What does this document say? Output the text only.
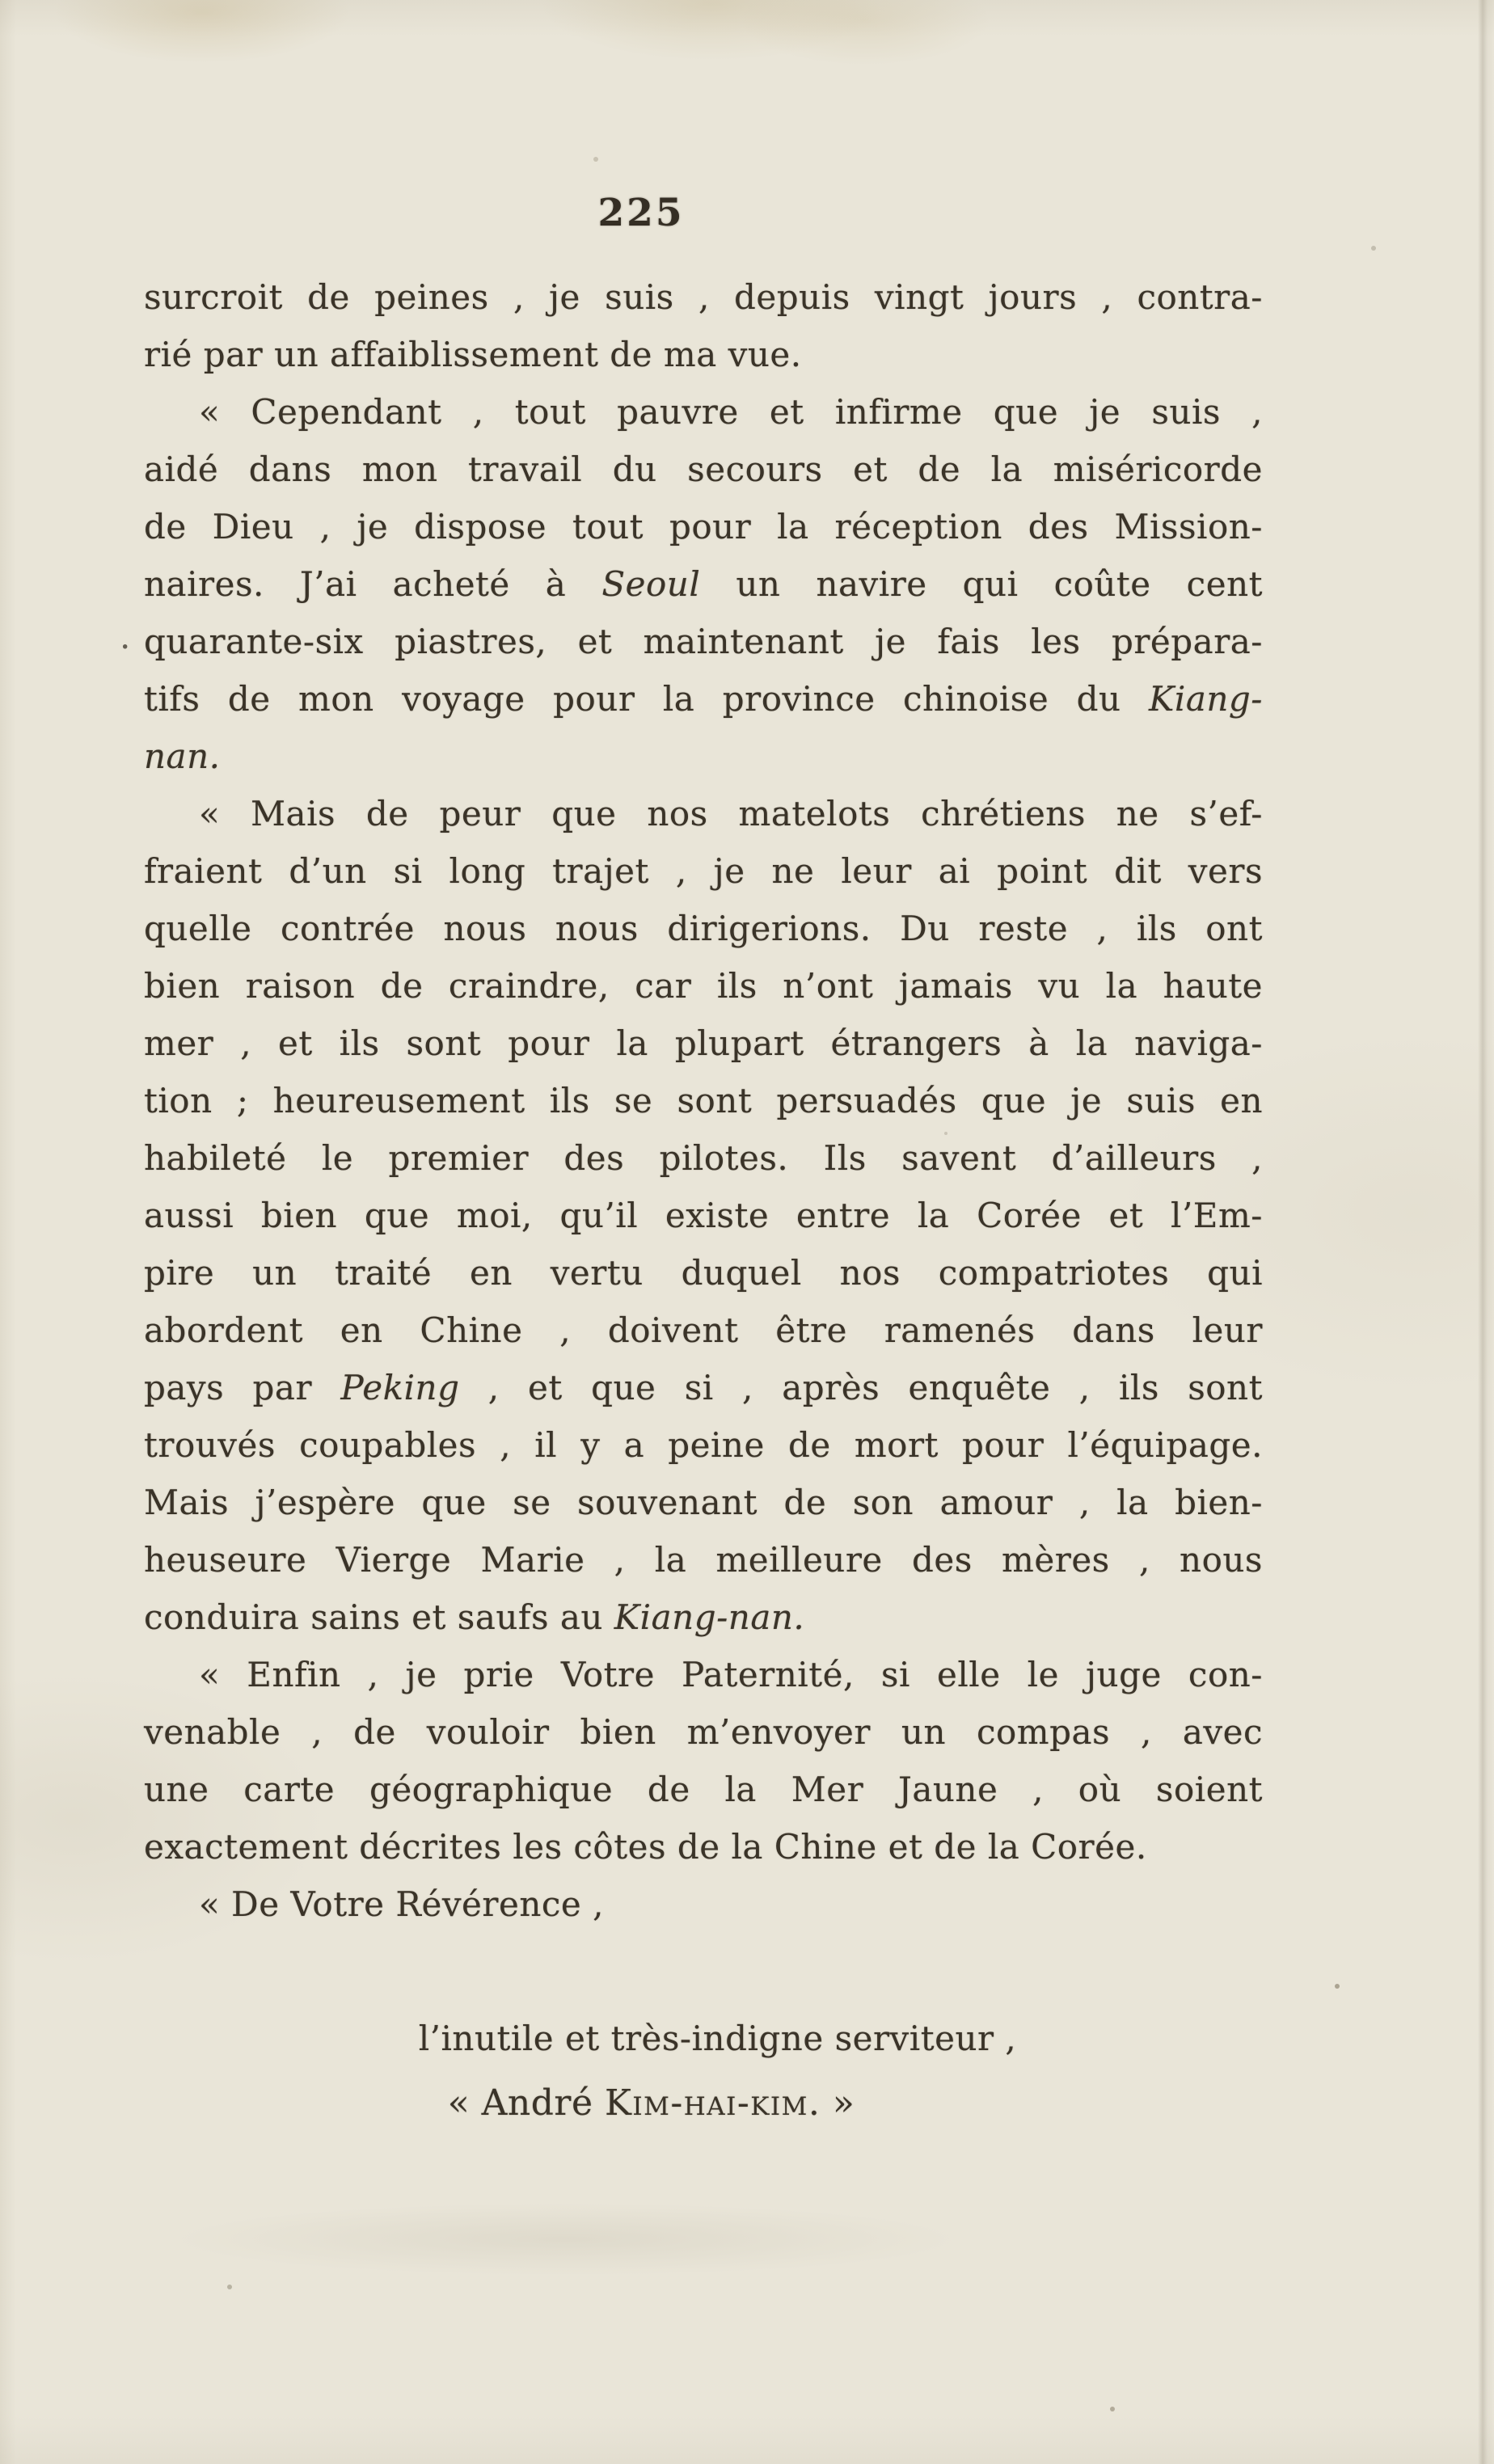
225
.
surcroit de peines , je suis , depuis vingt jours , contra-
rié par un affaiblissement de ma vue.
« Cependant , tout pauvre et infirme que je suis ,
aidé dans mon travail du secours et de la miséricorde
de Dieu , je dispose tout pour la réception des Mission-
naires. J’ai acheté à Seoul un navire qui coûte cent
quarante-six piastres, et maintenant je fais les prépara-
tifs de mon voyage pour la province chinoise du Kiang-
nan.
« Mais de peur que nos matelots chrétiens ne s’ef-
fraient d’un si long trajet , je ne leur ai point dit vers
quelle contrée nous nous dirigerions. Du reste , ils ont
bien raison de craindre, car ils n’ont jamais vu la haute
mer , et ils sont pour la plupart étrangers à la naviga-
tion ; heureusement ils se sont persuadés que je suis en
habileté le premier des pilotes. Ils savent d’ailleurs ,
aussi bien que moi, qu’il existe entre la Corée et l’Em-
pire un traité en vertu duquel nos compatriotes qui
abordent en Chine , doivent être ramenés dans leur
pays par Peking , et que si , après enquête , ils sont
trouvés coupables , il y a peine de mort pour l’équipage.
Mais j’espère que se souvenant de son amour , la bien-
heuseure Vierge Marie , la meilleure des mères , nous
conduira sains et saufs au Kiang-nan.
« Enfin , je prie Votre Paternité, si elle le juge con-
venable , de vouloir bien m’envoyer un compas , avec
une carte géographique de la Mer Jaune , où soient
exactement décrites les côtes de la Chine et de la Corée.
« De Votre Révérence ,
l’inutile et très-indigne serviteur ,
« André Kim-hai-kim. »
